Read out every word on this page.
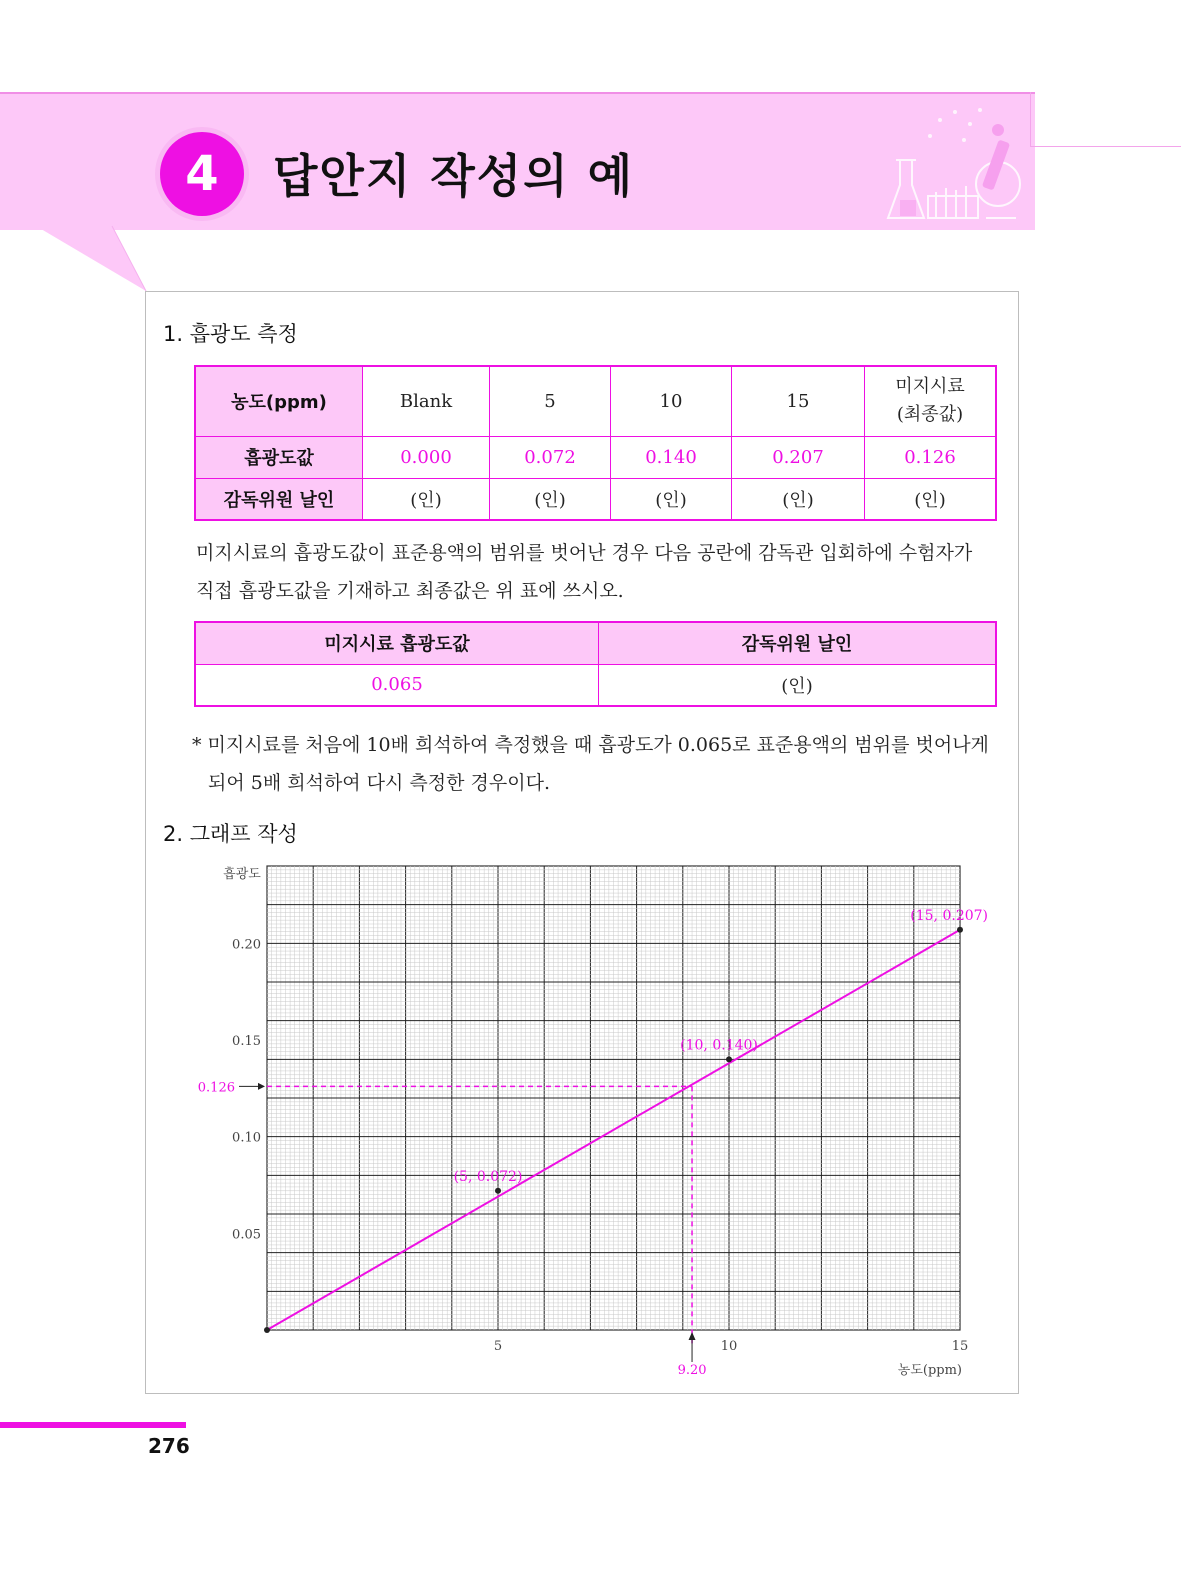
4	답안지 작성의 예
1. 흡광도 측정
농도(ppm)	Blank	5	10	15	미지시료
(최종값)

흡광도값	0.000	0.072	0.140	0.207	0.126
감독위원 날인	(인)	(인)	(인)	(인)	(인)
미지시료의 흡광도값이 표준용액의 범위를 벗어난 경우 다음 공란에 감독관 입회하에 수험자가
직접 흡광도값을 기재하고 최종값은 위 표에 쓰시오.
미지시료 흡광도값	감독위원 날인
0.065	(인)
* 미지시료를 처음에 10배 희석하여 측정했을 때 흡광도가 0.065로 표준용액의 범위를 벗어나게
되어 5배 희석하여 다시 측정한 경우이다.
2. 그래프 작성
0.05
0.10
0.15
0.20
5	10	15
0.126
9.20
(5, 0.072)
(10, 0.140)
(15, 0.207)
흡광도
농도(ppm)
276
